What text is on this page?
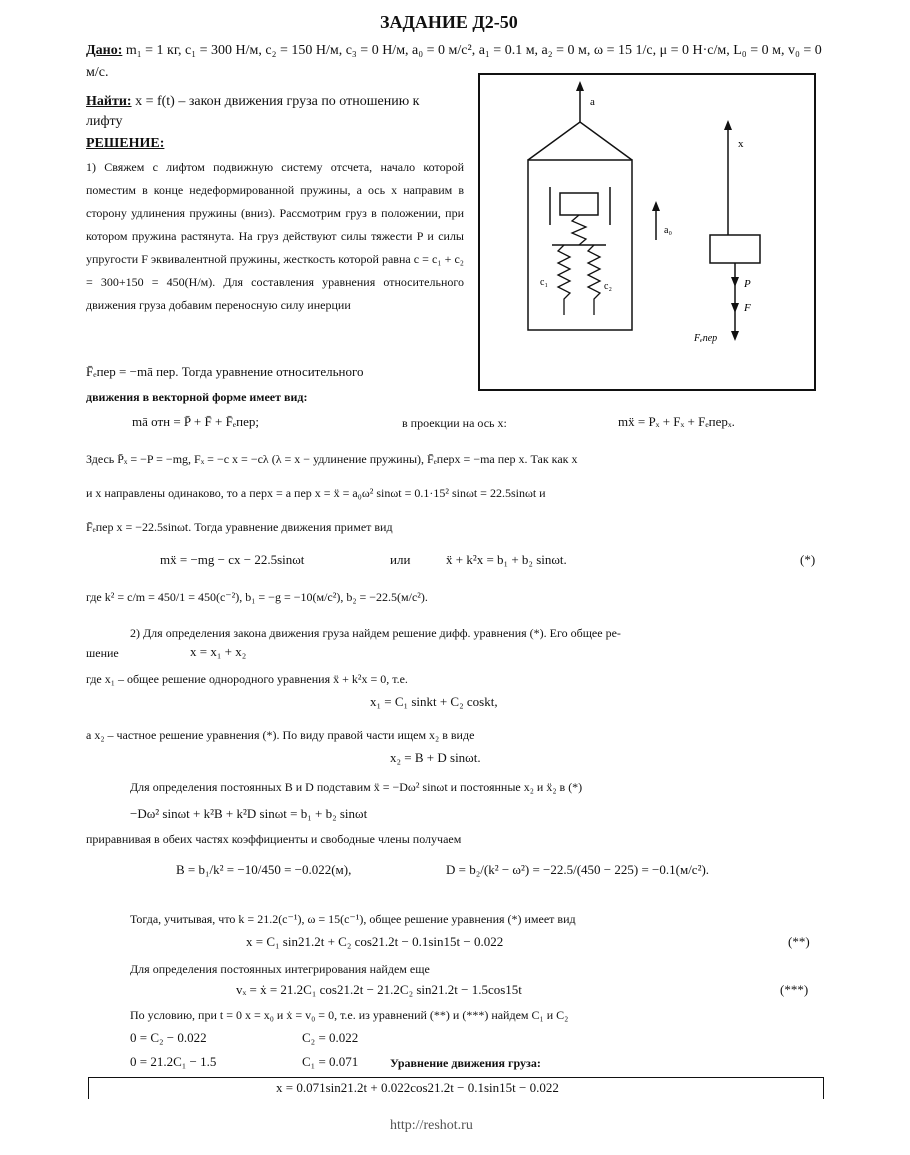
ЗАДАНИЕ Д2-50
Дано: m₁ = 1 кг, c₁ = 300 Н/м, c₂ = 150 Н/м, c₃ = 0 Н/м, a₀ = 0 м/с², a₁ = 0.1 м, a₂ = 0 м, ω = 15 1/с, μ = 0 Н·с/м, L₀ = 0 м, v₀ = 0 м/с.
Найти: x = f(t) – закон движения груза по отношению к лифту
РЕШЕНИЕ:
1) Свяжем с лифтом подвижную систему отсчета, начало которой поместим в конце недеформированной пружины, а ось x направим в сторону удлинения пружины (вниз). Рассмотрим груз в положении, при котором пружина растянута. На груз действуют силы тяжести P и силы упругости F эквивалентной пружины, жесткость которой равна c = c₁ + c₂ = 300+150 = 450(Н/м). Для составления уравнения относительного движения груза добавим переносную силу инерции
F̄ₑпер = −mā пер. Тогда уравнение относительного
движения в векторной форме имеет вид:
a
c₁	c₂
a₀
x
P
F
Fₑпер
mā отн = P̄ + F̄ + F̄ₑпер;	в проекции на ось x:	mẍ = Pₓ + Fₓ + Fₑперₓ.
Здесь P̄ₓ = −P = −mg, Fₓ = −c x = −cλ (λ = x − удлинение пружины), F̄ₑперx = −ma пер x. Так как x
и x направлены одинаково, то a перx = a пер x = ẍ = a₀ω² sinωt = 0.1·15² sinωt = 22.5sinωt и
F̄ₑпер x = −22.5sinωt. Тогда уравнение движения примет вид
mẍ = −mg − cx − 22.5sinωt	или	ẍ + k²x = b₁ + b₂ sinωt.	(*)
где k² = c/m = 450/1 = 450(c⁻²), b₁ = −g = −10(м/с²), b₂ = −22.5(м/с²).
2) Для определения закона движения груза найдем решение дифф. уравнения (*). Его общее ре-
шение	x = x₁ + x₂
где x₁ – общее решение однородного уравнения ẍ + k²x = 0, т.е.
x₁ = C₁ sinkt + C₂ coskt,
а x₂ – частное решение уравнения (*). По виду правой части ищем x₂ в виде
x₂ = B + D sinωt.
Для определения постоянных B и D подставим ẍ = −Dω² sinωt и постоянные x₂ и ẍ₂ в (*)
−Dω² sinωt + k²B + k²D sinωt = b₁ + b₂ sinωt
приравнивая в обеих частях коэффициенты и свободные члены получаем
B = b₁/k² = −10/450 = −0.022(м),	D = b₂/(k² − ω²) = −22.5/(450 − 225) = −0.1(м/с²).
Тогда, учитывая, что k = 21.2(c⁻¹), ω = 15(c⁻¹), общее решение уравнения (*) имеет вид
x = C₁ sin21.2t + C₂ cos21.2t − 0.1sin15t − 0.022	(**)
Для определения постоянных интегрирования найдем еще
vₓ = ẋ = 21.2C₁ cos21.2t − 21.2C₂ sin21.2t − 1.5cos15t	(***)
По условию, при t = 0 x = x₀ и ẋ = v₀ = 0, т.е. из уравнений (**) и (***) найдем C₁ и C₂
0 = C₂ − 0.022	C₂ = 0.022
0 = 21.2C₁ − 1.5	C₁ = 0.071	Уравнение движения груза:
x = 0.071sin21.2t + 0.022cos21.2t − 0.1sin15t − 0.022
http://reshot.ru
